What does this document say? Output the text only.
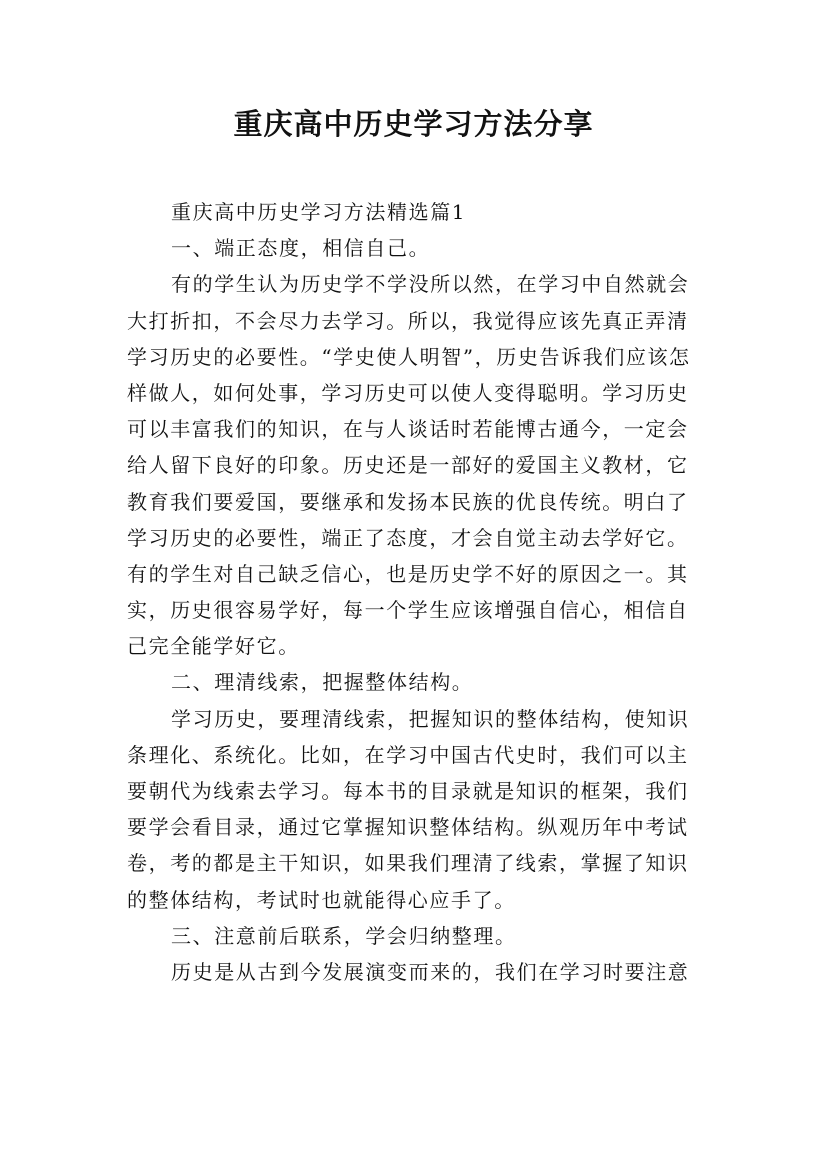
重庆高中历史学习方法分享
重庆高中历史学习方法精选篇1
一、端正态度，相信自己。
有的学生认为历史学不学没所以然，在学习中自然就会
大打折扣，不会尽力去学习。所以，我觉得应该先真正弄清
学习历史的必要性。“学史使人明智”，历史告诉我们应该怎
样做人，如何处事，学习历史可以使人变得聪明。学习历史
可以丰富我们的知识，在与人谈话时若能博古通今，一定会
给人留下良好的印象。历史还是一部好的爱国主义教材，它
教育我们要爱国，要继承和发扬本民族的优良传统。明白了
学习历史的必要性，端正了态度，才会自觉主动去学好它。
有的学生对自己缺乏信心，也是历史学不好的原因之一。其
实，历史很容易学好，每一个学生应该增强自信心，相信自
己完全能学好它。
二、理清线索，把握整体结构。
学习历史，要理清线索，把握知识的整体结构，使知识
条理化、系统化。比如，在学习中国古代史时，我们可以主
要朝代为线索去学习。每本书的目录就是知识的框架，我们
要学会看目录，通过它掌握知识整体结构。纵观历年中考试
卷，考的都是主干知识，如果我们理清了线索，掌握了知识
的整体结构，考试时也就能得心应手了。
三、注意前后联系，学会归纳整理。
历史是从古到今发展演变而来的，我们在学习时要注意
